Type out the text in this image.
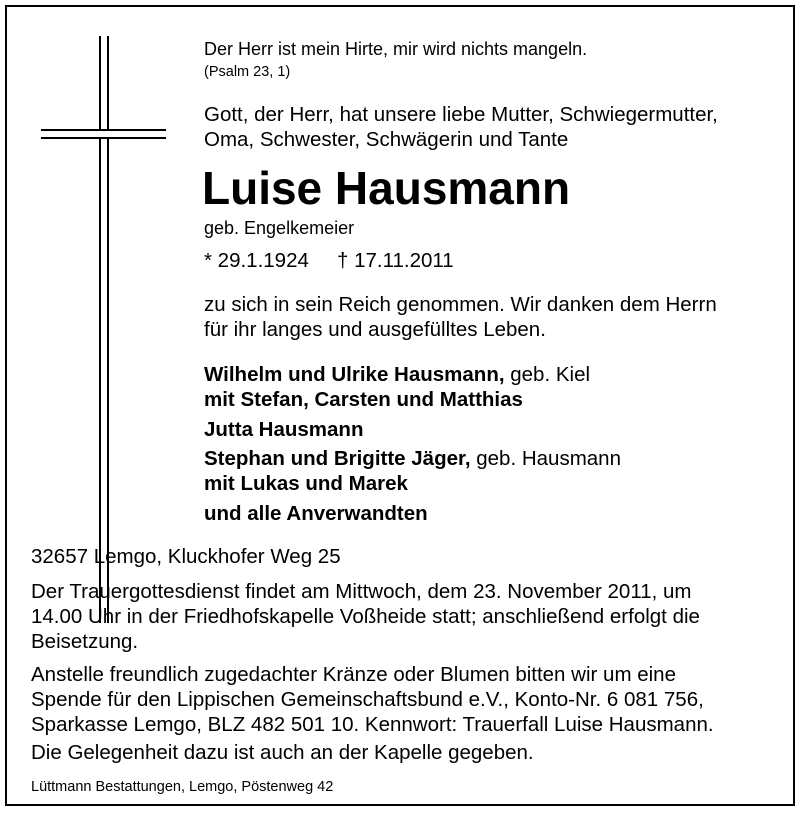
Der Herr ist mein Hirte, mir wird nichts mangeln.
(Psalm 23, 1)
Gott, der Herr, hat unsere liebe Mutter, Schwiegermutter,
Oma, Schwester, Schwägerin und Tante
Luise Hausmann
geb. Engelkemeier
* 29.1.1924 † 17.11.2011
zu sich in sein Reich genommen. Wir danken dem Herrn
für ihr langes und ausgefülltes Leben.
Wilhelm und Ulrike Hausmann, geb. Kiel
mit Stefan, Carsten und Matthias
Jutta Hausmann
Stephan und Brigitte Jäger, geb. Hausmann
mit Lukas und Marek
und alle Anverwandten
32657 Lemgo, Kluckhofer Weg 25
Der Trauergottesdienst findet am Mittwoch, dem 23. November 2011, um
14.00 Uhr in der Friedhofskapelle Voßheide statt; anschließend erfolgt die
Beisetzung.
Anstelle freundlich zugedachter Kränze oder Blumen bitten wir um eine
Spende für den Lippischen Gemeinschaftsbund e.V., Konto-Nr. 6 081 756,
Sparkasse Lemgo, BLZ 482 501 10. Kennwort: Trauerfall Luise Hausmann.
Die Gelegenheit dazu ist auch an der Kapelle gegeben.
Lüttmann Bestattungen, Lemgo, Pöstenweg 42
